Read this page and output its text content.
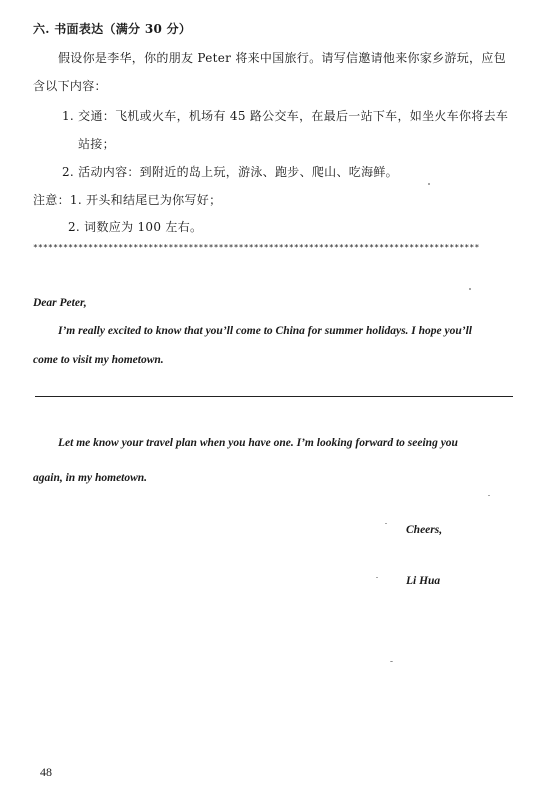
六. 书面表达（满分 30 分）
假设你是李华，你的朋友 Peter 将来中国旅行。请写信邀请他来你家乡游玩，应包
含以下内容：
1. 交通：飞机或火车，机场有 45 路公交车，在最后一站下车，如坐火车你将去车
站接；
2. 活动内容：到附近的岛上玩，游泳、跑步、爬山、吃海鲜。
注意：1. 开头和结尾已为你写好；
2. 词数应为 100 左右。
*****************************************************************************************
Dear Peter,
I’m really excited to know that you’ll come to China for summer holidays. I hope you’ll
come to visit my hometown.
Let me know your travel plan when you have one. I’m looking forward to seeing you
again, in my hometown.
Cheers,
Li Hua
48
